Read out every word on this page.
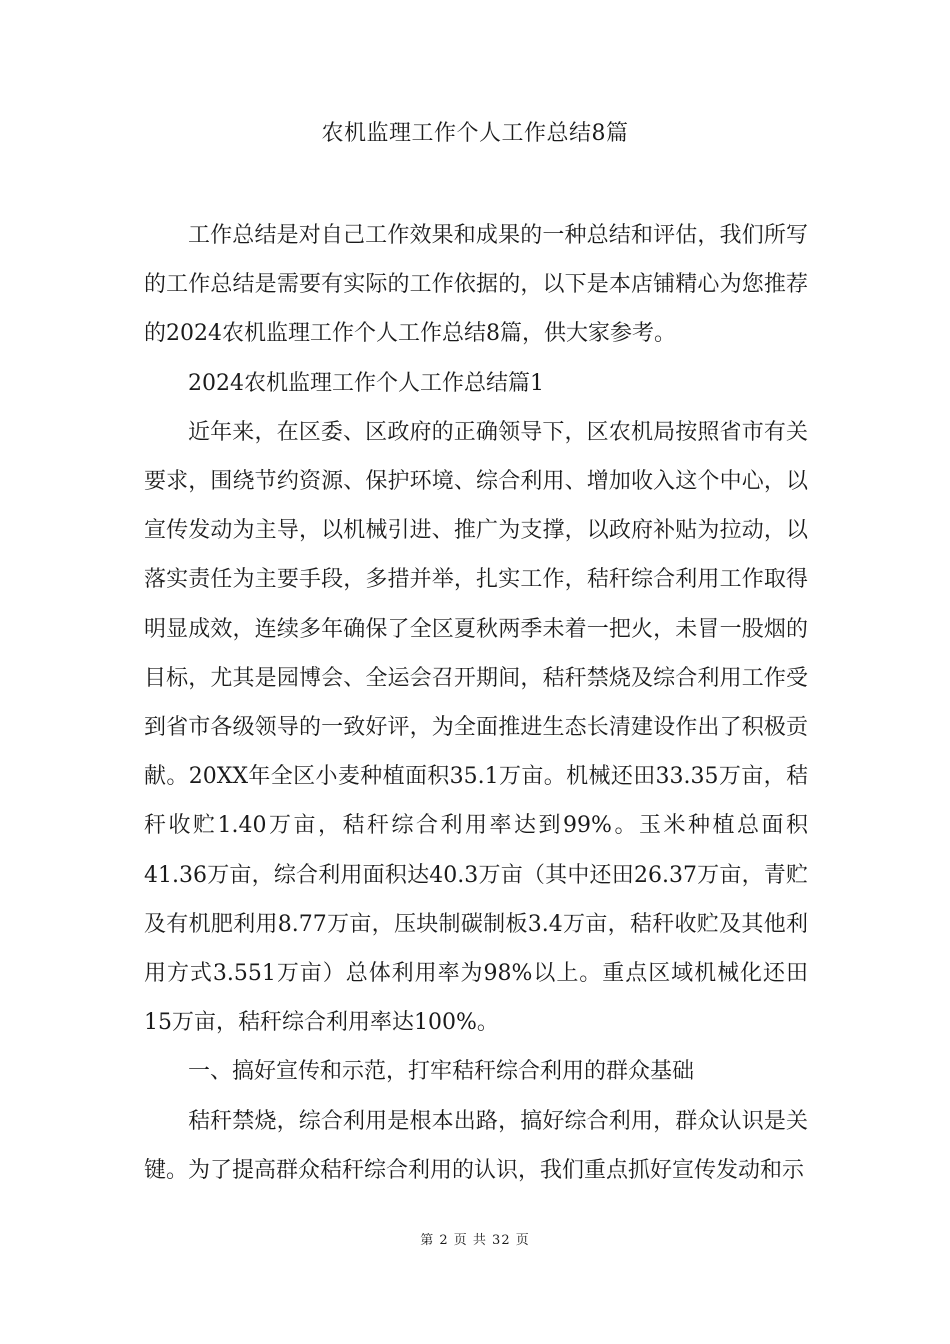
农机监理工作个人工作总结8篇

工作总结是对自己工作效果和成果的一种总结和评估，我们所写的工作总结是需要有实际的工作依据的，以下是本店铺精心为您推荐的2024农机监理工作个人工作总结8篇，供大家参考。

2024农机监理工作个人工作总结篇1

近年来，在区委、区政府的正确领导下，区农机局按照省市有关要求，围绕节约资源、保护环境、综合利用、增加收入这个中心，以宣传发动为主导，以机械引进、推广为支撑，以政府补贴为拉动，以落实责任为主要手段，多措并举，扎实工作，秸秆综合利用工作取得明显成效，连续多年确保了全区夏秋两季未着一把火，未冒一股烟的目标，尤其是园博会、全运会召开期间，秸秆禁烧及综合利用工作受到省市各级领导的一致好评，为全面推进生态长清建设作出了积极贡献。20XX年全区小麦种植面积35.1万亩。机械还田33.35万亩，秸秆收贮1.40万亩，秸秆综合利用率达到99%。玉米种植总面积41.36万亩，综合利用面积达40.3万亩（其中还田26.37万亩，青贮及有机肥利用8.77万亩，压块制碳制板3.4万亩，秸秆收贮及其他利用方式3.551万亩）总体利用率为98%以上。重点区域机械化还田15万亩，秸秆综合利用率达100%。

一、搞好宣传和示范，打牢秸秆综合利用的群众基础

秸秆禁烧，综合利用是根本出路，搞好综合利用，群众认识是关键。为了提高群众秸秆综合利用的认识，我们重点抓好宣传发动和示

第 2 页 共 32 页
